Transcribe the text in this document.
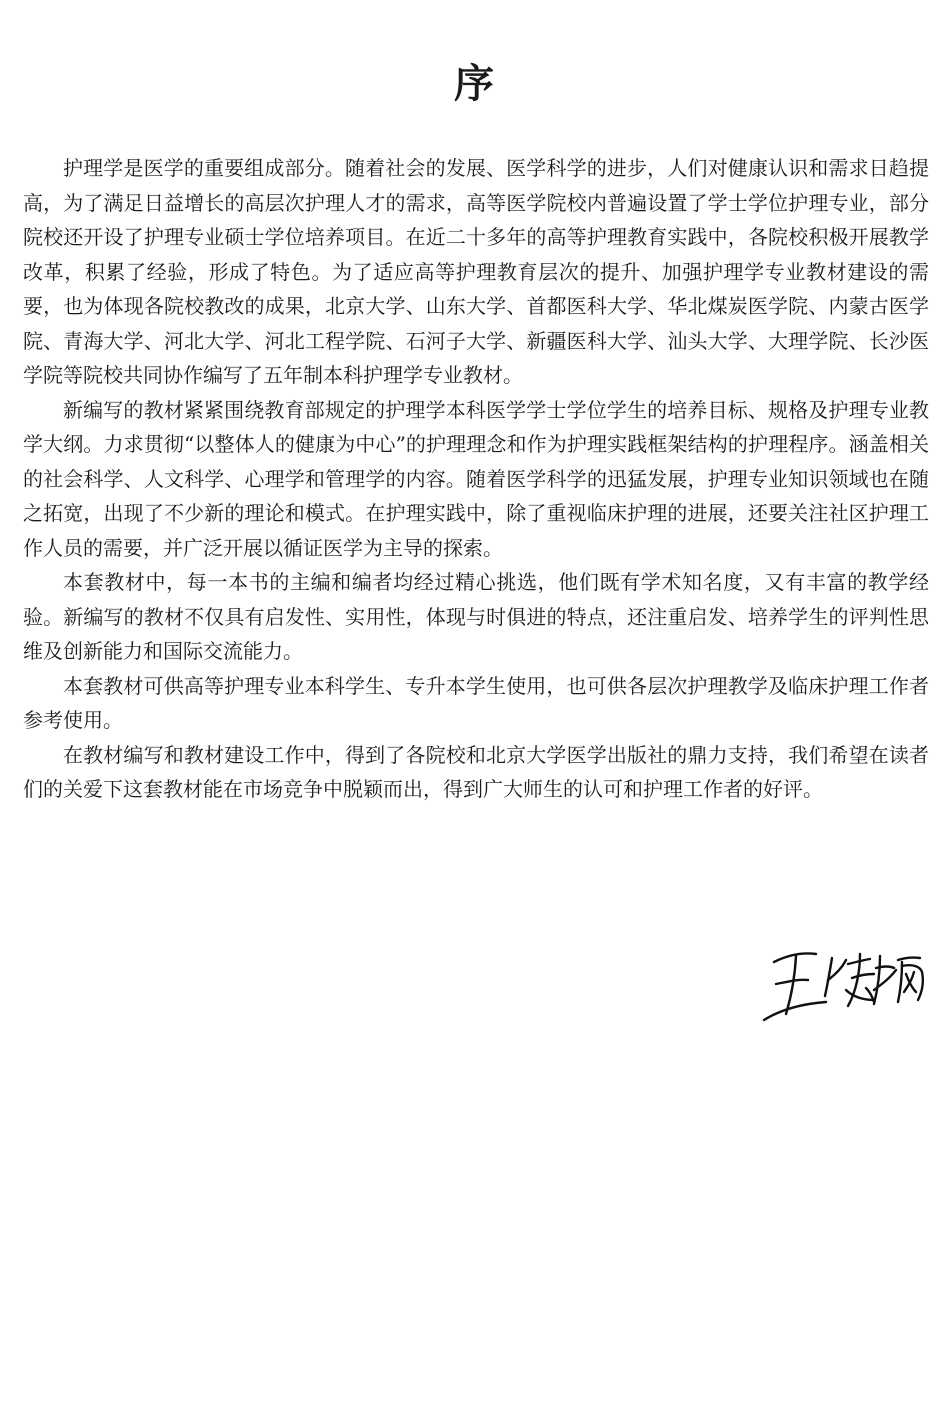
序

护理学是医学的重要组成部分。随着社会的发展、医学科学的进步，人们对健康认识和需求日趋提高，为了满足日益增长的高层次护理人才的需求，高等医学院校内普遍设置了学士学位护理专业，部分院校还开设了护理专业硕士学位培养项目。在近二十多年的高等护理教育实践中，各院校积极开展教学改革，积累了经验，形成了特色。为了适应高等护理教育层次的提升、加强护理学专业教材建设的需要，也为体现各院校教改的成果，北京大学、山东大学、首都医科大学、华北煤炭医学院、内蒙古医学院、青海大学、河北大学、河北工程学院、石河子大学、新疆医科大学、汕头大学、大理学院、长沙医学院等院校共同协作编写了五年制本科护理学专业教材。

新编写的教材紧紧围绕教育部规定的护理学本科医学学士学位学生的培养目标、规格及护理专业教学大纲。力求贯彻“以整体人的健康为中心”的护理理念和作为护理实践框架结构的护理程序。涵盖相关的社会科学、人文科学、心理学和管理学的内容。随着医学科学的迅猛发展，护理专业知识领域也在随之拓宽，出现了不少新的理论和模式。在护理实践中，除了重视临床护理的进展，还要关注社区护理工作人员的需要，并广泛开展以循证医学为主导的探索。

本套教材中，每一本书的主编和编者均经过精心挑选，他们既有学术知名度，又有丰富的教学经验。新编写的教材不仅具有启发性、实用性，体现与时俱进的特点，还注重启发、培养学生的评判性思维及创新能力和国际交流能力。

本套教材可供高等护理专业本科学生、专升本学生使用，也可供各层次护理教学及临床护理工作者参考使用。

在教材编写和教材建设工作中，得到了各院校和北京大学医学出版社的鼎力支持，我们希望在读者们的关爱下这套教材能在市场竞争中脱颖而出，得到广大师生的认可和护理工作者的好评。
